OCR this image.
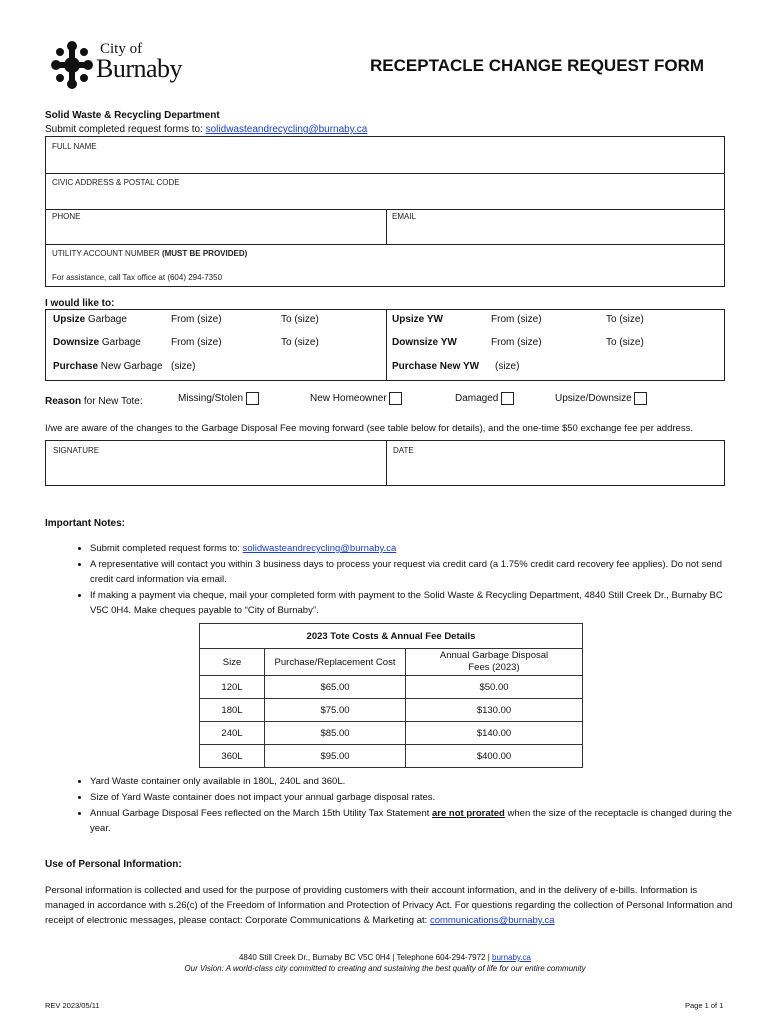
City of
Burnaby	RECEPTACLE CHANGE REQUEST FORM
Solid Waste & Recycling Department
Submit completed request forms to: solidwasteandrecycling@burnaby.ca
FULL NAME
CIVIC ADDRESS & POSTAL CODE
PHONE	EMAIL
UTILITY ACCOUNT NUMBER (MUST BE PROVIDED)
For assistance, call Tax office at (604) 294-7350
I would like to:
Upsize Garbage	From (size)	To (size)
Downsize Garbage	From (size)	To (size)
Purchase New Garbage (size)
Upsize YW	From (size)	To (size)
Downsize YW	From (size)	To (size)
Purchase New YW (size)
Reason for New Tote:	Missing/Stolen	New Homeowner	Damaged	Upsize/Downsize
I/we are aware of the changes to the Garbage Disposal Fee moving forward (see table below for details), and the one-time $50 exchange fee per address.
SIGNATURE	DATE
Important Notes:
• Submit completed request forms to: solidwasteandrecycling@burnaby.ca
• A representative will contact you within 3 business days to process your request via credit card (a 1.75% credit card recovery fee applies). Do not send credit card information via email.
• If making a payment via cheque, mail your completed form with payment to the Solid Waste & Recycling Department, 4840 Still Creek Dr., Burnaby BC V5C 0H4. Make cheques payable to “City of Burnaby”.
2023 Tote Costs & Annual Fee Details		
Size	Purchase/Replacement Cost	Annual Garbage Disposal Fees (2023)
120L	$65.00	$50.00
180L	$75.00	$130.00
240L	$85.00	$140.00
360L	$95.00	$400.00
• Yard Waste container only available in 180L, 240L and 360L.
• Size of Yard Waste container does not impact your annual garbage disposal rates.
• Annual Garbage Disposal Fees reflected on the March 15th Utility Tax Statement are not prorated when the size of the receptacle is changed during the year.
Use of Personal Information:
Personal information is collected and used for the purpose of providing customers with their account information, and in the delivery of e-bills. Information is managed in accordance with s.26(c) of the Freedom of Information and Protection of Privacy Act. For questions regarding the collection of Personal Information and receipt of electronic messages, please contact: Corporate Communications & Marketing at: communications@burnaby.ca
4840 Still Creek Dr., Burnaby BC V5C 0H4 | Telephone 604-294-7972 | burnaby.ca
Our Vision: A world-class city committed to creating and sustaining the best quality of life for our entire community
REV 2023/05/11	Page 1 of 1
